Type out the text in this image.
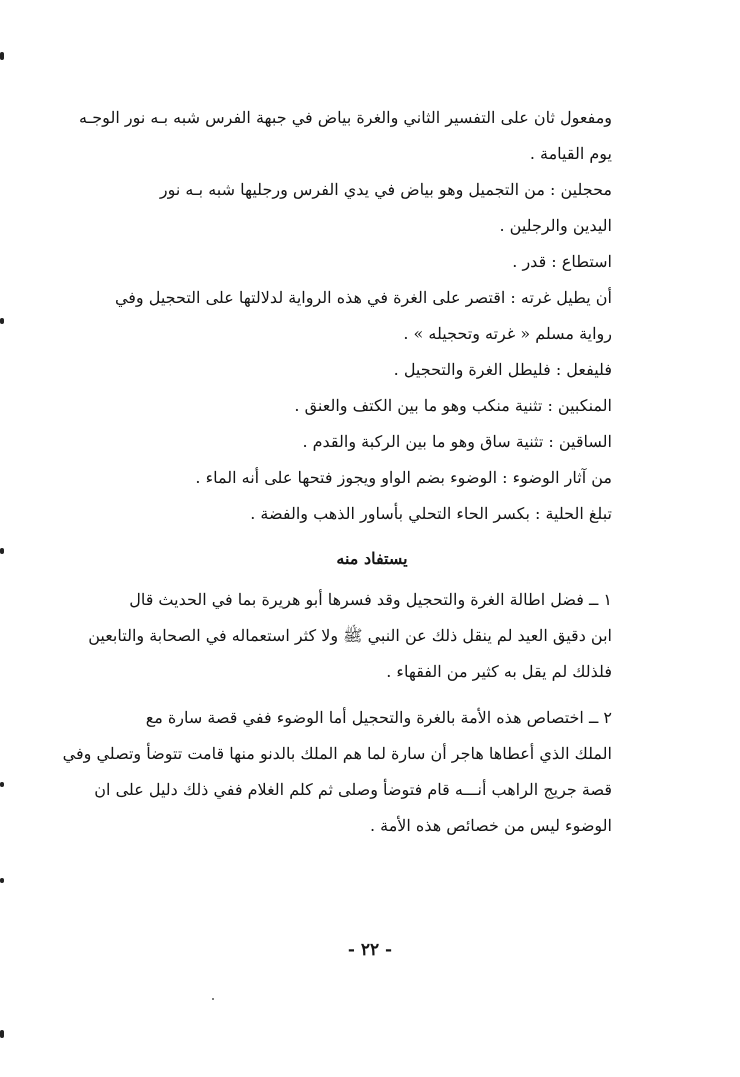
ومفعول ثان على التفسير الثاني والغرة بياض في جبهة الفرس شبه بـه نور الوجـه
يوم القيامة .
محجلين : من التجميل وهو بياض في يدي الفرس ورجليها شبه بـه نور
اليدين والرجلين .
استطاع : قدر .
أن يطيل غرته : اقتصر على الغرة في هذه الرواية لدلالتها على التحجيل وفي
رواية مسلم « غرته وتحجيله » .
فليفعل : فليطل الغرة والتحجيل .
المنكبين : تثنية منكب وهو ما بين الكتف والعنق .
الساقين : تثنية ساق وهو ما بين الركبة والقدم .
من آثار الوضوء : الوضوء بضم الواو ويجوز فتحها على أنه الماء .
تبلغ الحلية : بكسر الحاء التحلي بأساور الذهب والفضة .
يستفاد منه
١ ــ فضل اطالة الغرة والتحجيل وقد فسرها أبو هريرة بما في الحديث قال
ابن دقيق العيد لم ينقل ذلك عن النبي ﷺ ولا كثر استعماله في الصحابة والتابعين
فلذلك لم يقل به كثير من الفقهاء .
٢ ــ اختصاص هذه الأمة بالغرة والتحجيل أما الوضوء ففي قصة سارة مع
الملك الذي أعطاها هاجر أن سارة لما هم الملك بالدنو منها قامت تتوضأ وتصلي وفي
قصة جريج الراهب أنـــه قام فتوضأ وصلى ثم كلم الغلام ففي ذلك دليل على ان
الوضوء ليس من خصائص هذه الأمة .
- ٢٢ -
